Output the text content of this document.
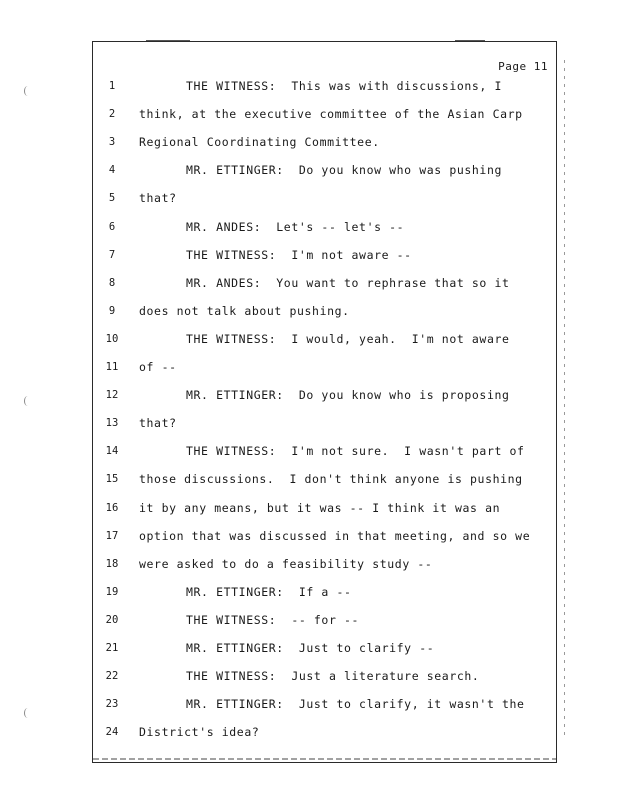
Page 11
1	THE WITNESS:  This was with discussions, I
2	think, at the executive committee of the Asian Carp
3	Regional Coordinating Committee.
4	MR. ETTINGER:  Do you know who was pushing
5	that?
6	MR. ANDES:  Let's -- let's --
7	THE WITNESS:  I'm not aware --
8	MR. ANDES:  You want to rephrase that so it
9	does not talk about pushing.
10	THE WITNESS:  I would, yeah.  I'm not aware
11 of --
12	MR. ETTINGER:  Do you know who is proposing
13 that?
14	THE WITNESS:  I'm not sure.  I wasn't part of
15 those discussions.  I don't think anyone is pushing
16 it by any means, but it was -- I think it was an
17 option that was discussed in that meeting, and so we
18 were asked to do a feasibility study --
19	MR. ETTINGER:  If a --
20	THE WITNESS:  -- for --
21	MR. ETTINGER:  Just to clarify --
22	THE WITNESS:  Just a literature search.
23	MR. ETTINGER:  Just to clarify, it wasn't the
24 District's idea?
